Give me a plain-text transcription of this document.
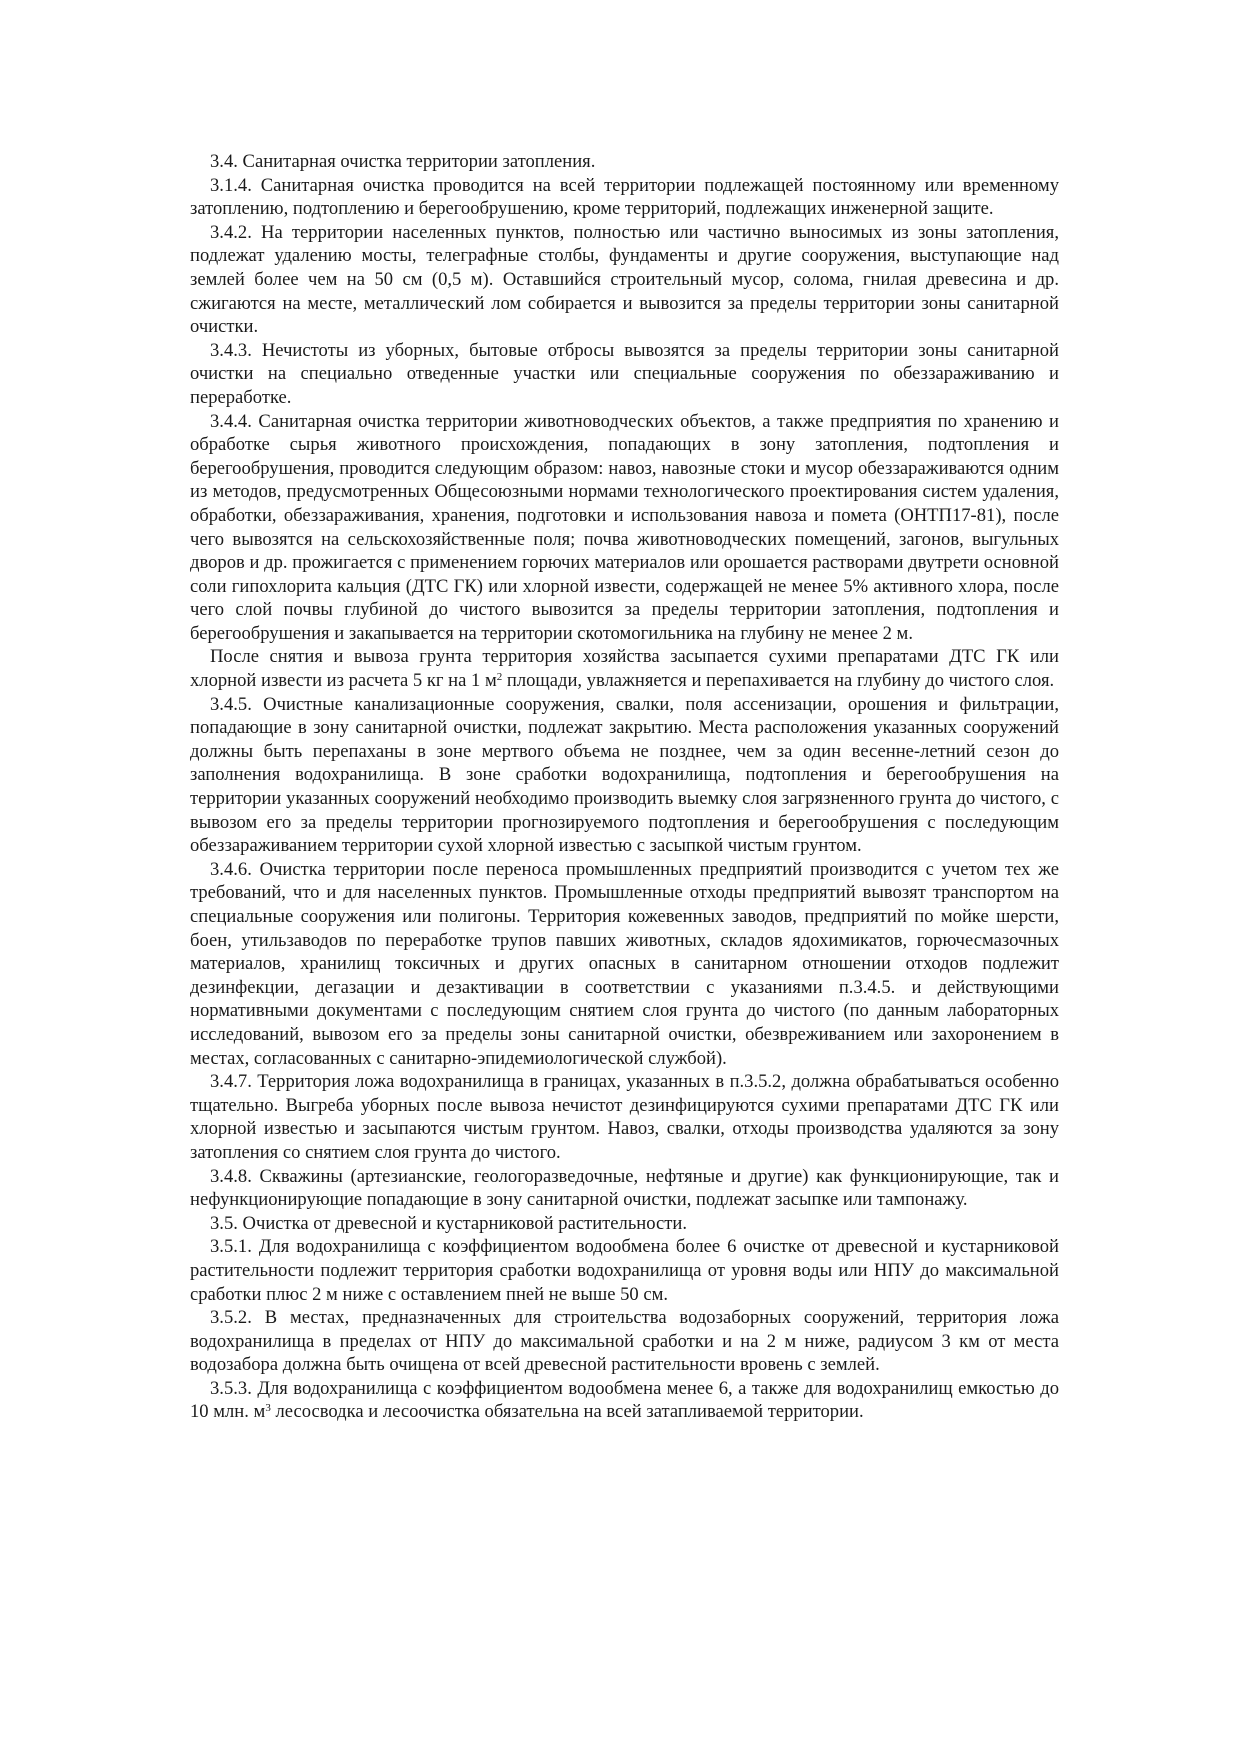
3.4. Санитарная очистка территории затопления.

3.1.4. Санитарная очистка проводится на всей территории подлежащей постоянному или временному затоплению, подтоплению и берегообрушению, кроме территорий, подлежащих инженерной защите.

3.4.2. На территории населенных пунктов, полностью или частично выносимых из зоны затопления, подлежат удалению мосты, телеграфные столбы, фундаменты и другие сооружения, выступающие над землей более чем на 50 см (0,5 м). Оставшийся строительный мусор, солома, гнилая древесина и др. сжигаются на месте, металлический лом собирается и вывозится за пределы территории зоны санитарной очистки.

3.4.3. Нечистоты из уборных, бытовые отбросы вывозятся за пределы территории зоны санитарной очистки на специально отведенные участки или специальные сооружения по обеззараживанию и переработке.

3.4.4. Санитарная очистка территории животноводческих объектов, а также предприятия по хранению и обработке сырья животного происхождения, попадающих в зону затопления, подтопления и берегообрушения, проводится следующим образом: навоз, навозные стоки и мусор обеззараживаются одним из методов, предусмотренных Общесоюзными нормами технологического проектирования систем удаления, обработки, обеззараживания, хранения, подготовки и использования навоза и помета (ОНТП17-81), после чего вывозятся на сельскохозяйственные поля; почва животноводческих помещений, загонов, выгульных дворов и др. прожигается с применением горючих материалов или орошается растворами двутрети основной соли гипохлорита кальция (ДТС ГК) или хлорной извести, содержащей не менее 5% активного хлора, после чего слой почвы глубиной до чистого вывозится за пределы территории затопления, подтопления и берегообрушения и закапывается на территории скотомогильника на глубину не менее 2 м.

После снятия и вывоза грунта территория хозяйства засыпается сухими препаратами ДТС ГК или хлорной извести из расчета 5 кг на 1 $м^2$ площади, увлажняется и перепахивается на глубину до чистого слоя.

3.4.5. Очистные канализационные сооружения, свалки, поля ассенизации, орошения и фильтрации, попадающие в зону санитарной очистки, подлежат закрытию. Места расположения указанных сооружений должны быть перепаханы в зоне мертвого объема не позднее, чем за один весенне-летний сезон до заполнения водохранилища. В зоне сработки водохранилища, подтопления и берегообрушения на территории указанных сооружений необходимо производить выемку слоя загрязненного грунта до чистого, с вывозом его за пределы территории прогнозируемого подтопления и берегообрушения с последующим обеззараживанием территории сухой хлорной известью с засыпкой чистым грунтом.

3.4.6. Очистка территории после переноса промышленных предприятий производится с учетом тех же требований, что и для населенных пунктов. Промышленные отходы предприятий вывозят транспортом на специальные сооружения или полигоны. Территория кожевенных заводов, предприятий по мойке шерсти, боен, утильзаводов по переработке трупов павших животных, складов ядохимикатов, горючесмазочных материалов, хранилищ токсичных и других опасных в санитарном отношении отходов подлежит дезинфекции, дегазации и дезактивации в соответствии с указаниями п.3.4.5. и действующими нормативными документами с последующим снятием слоя грунта до чистого (по данным лабораторных исследований, вывозом его за пределы зоны санитарной очистки, обезвреживанием или захоронением в местах, согласованных с санитарно-эпидемиологической службой).

3.4.7. Территория ложа водохранилища в границах, указанных в п.3.5.2, должна обрабатываться особенно тщательно. Выгреба уборных после вывоза нечистот дезинфицируются сухими препаратами ДТС ГК или хлорной известью и засыпаются чистым грунтом. Навоз, свалки, отходы производства удаляются за зону затопления со снятием слоя грунта до чистого.

3.4.8. Скважины (артезианские, геологоразведочные, нефтяные и другие) как функционирующие, так и нефункционирующие попадающие в зону санитарной очистки, подлежат засыпке или тампонажу.

3.5. Очистка от древесной и кустарниковой растительности.

3.5.1. Для водохранилища с коэффициентом водообмена более 6 очистке от древесной и кустарниковой растительности подлежит территория сработки водохранилища от уровня воды или НПУ до максимальной сработки плюс 2 м ниже с оставлением пней не выше 50 см.

3.5.2. В местах, предназначенных для строительства водозаборных сооружений, территория ложа водохранилища в пределах от НПУ до максимальной сработки и на 2 м ниже, радиусом 3 км от места водозабора должна быть очищена от всей древесной растительности вровень с землей.

3.5.3. Для водохранилища с коэффициентом водообмена менее 6, а также для водохранилищ емкостью до 10 млн. $м^3$ лесосводка и лесоочистка обязательна на всей затапливаемой территории.
